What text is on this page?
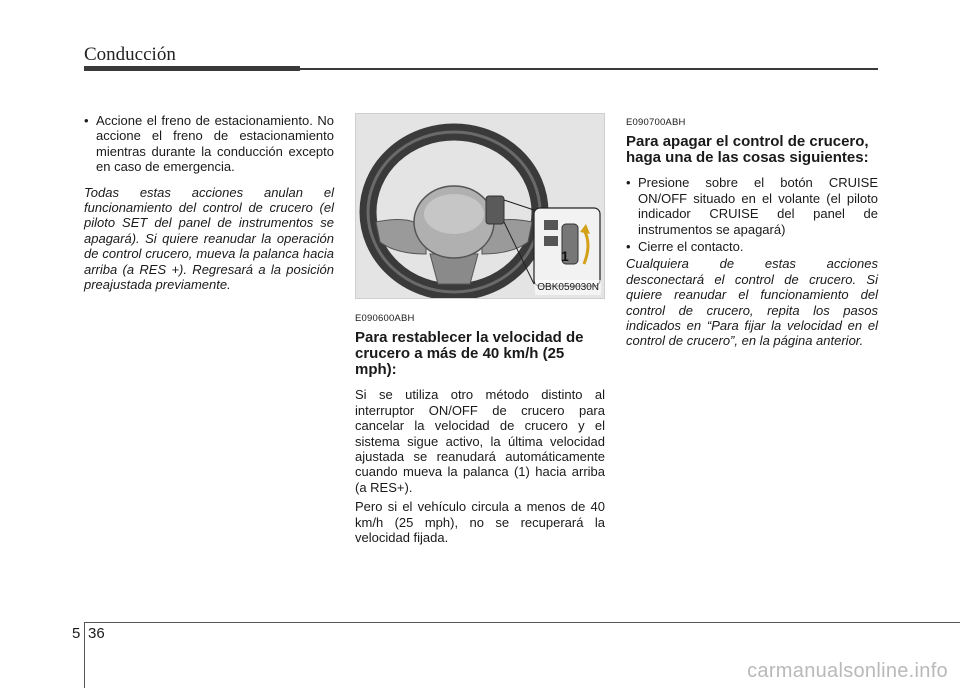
Conducción
• Accione el freno de estacionamiento. No accione el freno de estacionamiento mientras durante la conducción excepto en caso de emergencia.
Todas estas acciones anulan el funcionamiento del control de crucero (el piloto SET del panel de instrumentos se apagará). Si quiere reanudar la operación de control crucero, mueva la palanca hacia arriba (a RES +). Regresará a la posición preajustada previamente.
1
OBK059030N
E090600ABH
Para restablecer la velocidad de crucero a más de 40 km/h (25 mph):
Si se utiliza otro método distinto al interruptor ON/OFF de crucero para cancelar la velocidad de crucero y el sistema sigue activo, la última velocidad ajustada se reanudará automáticamente cuando mueva la palanca (1) hacia arriba (a RES+).
Pero si el vehículo circula a menos de 40 km/h (25 mph), no se recuperará la velocidad fijada.
E090700ABH
Para apagar el control de crucero, haga una de las cosas siguientes:
• Presione sobre el botón CRUISE ON/OFF situado en el volante (el piloto indicador CRUISE del panel de instrumentos se apagará)
• Cierre el contacto.
Cualquiera de estas acciones desconectará el control de crucero. Si quiere reanudar el funcionamiento del control de crucero, repita los pasos indicados en “Para fijar la velocidad en el control de crucero”, en la página anterior.
5 36
carmanualsonline.info
